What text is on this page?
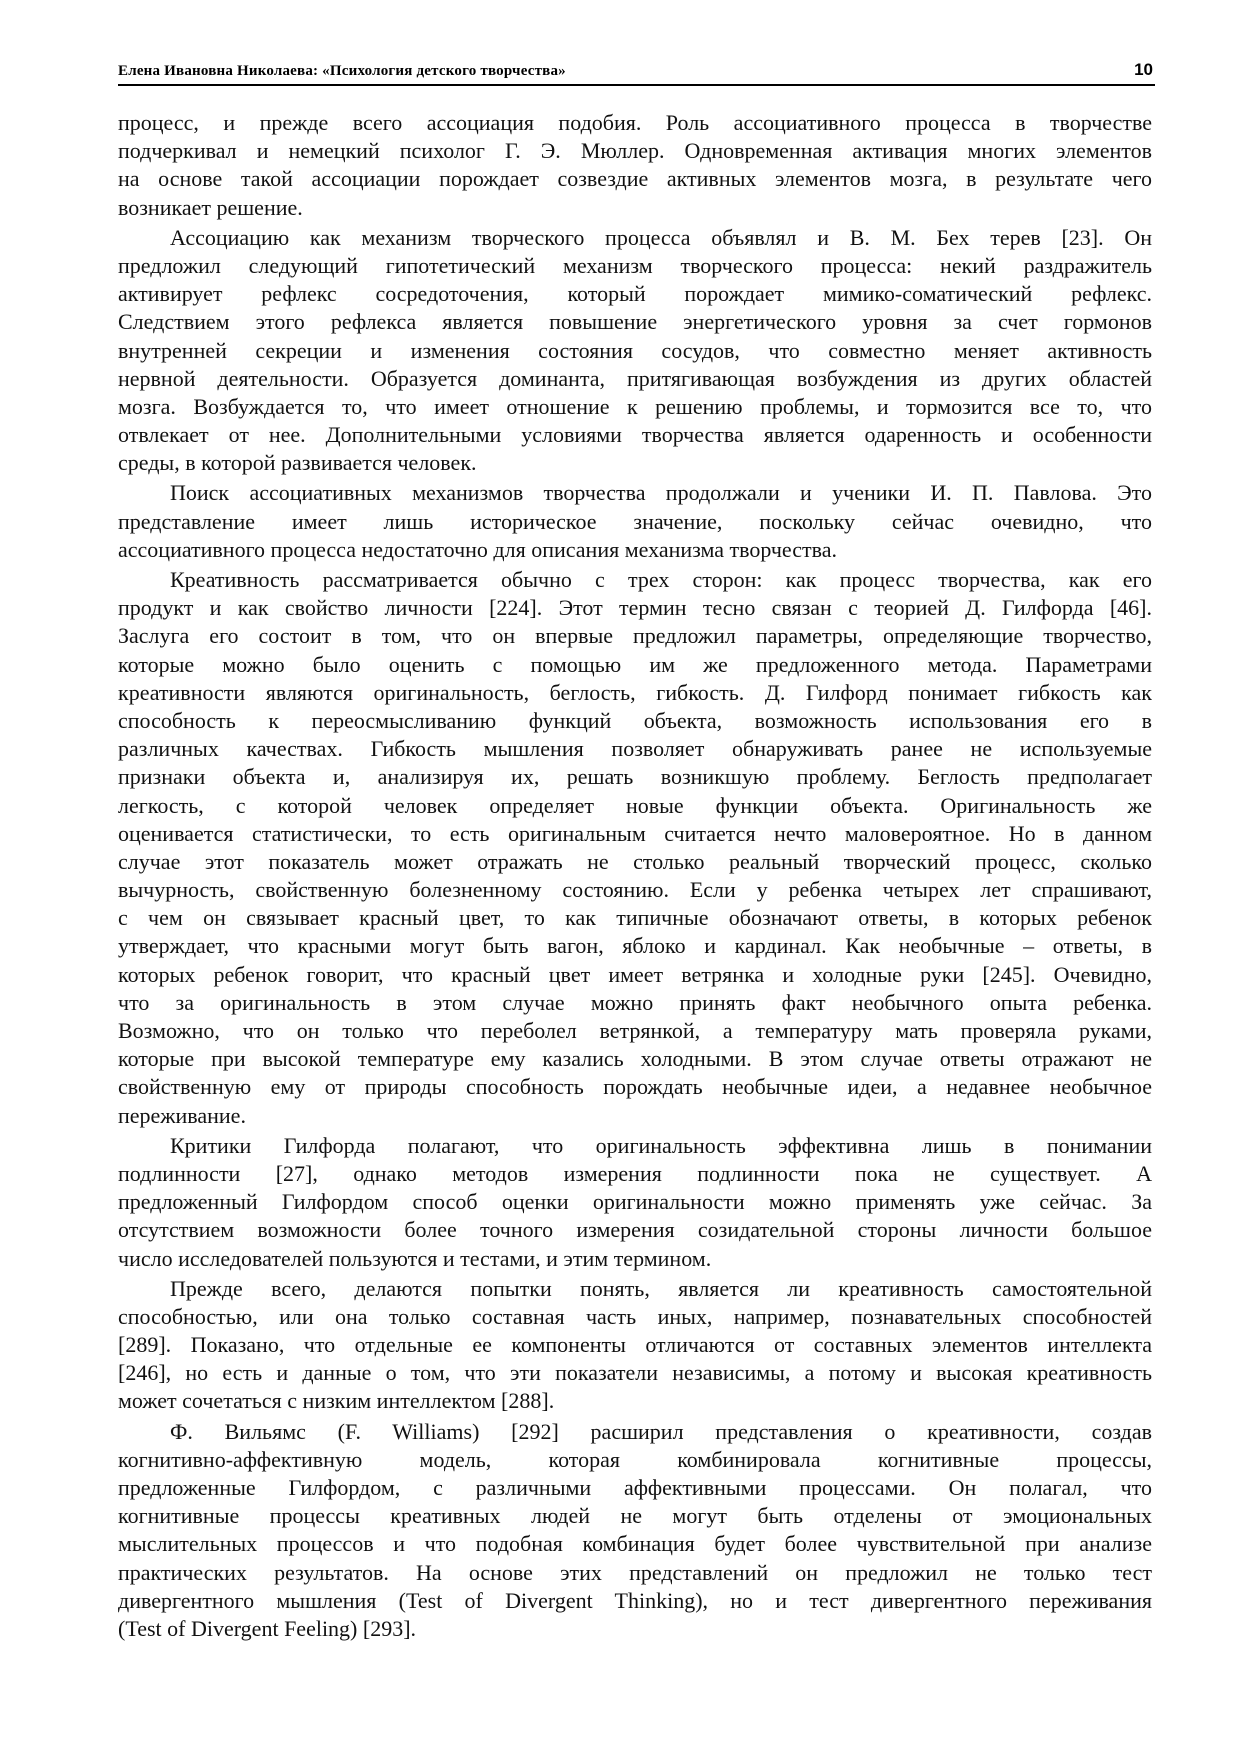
Елена Ивановна Николаева: «Психология детского творчества»	10
процесс, и прежде всего ассоциация подобия. Роль ассоциативного процесса в творчестве
подчеркивал и немецкий психолог Г. Э. Мюллер. Одновременная активация многих элементов
на основе такой ассоциации порождает созвездие активных элементов мозга, в результате чего
возникает решение.
Ассоциацию как механизм творческого процесса объявлял и В. М. Бех терев [23]. Он
предложил следующий гипотетический механизм творческого процесса: некий раздражитель
активирует рефлекс сосредоточения, который порождает мимико-соматический рефлекс.
Следствием этого рефлекса является повышение энергетического уровня за счет гормонов
внутренней секреции и изменения состояния сосудов, что совместно меняет активность
нервной деятельности. Образуется доминанта, притягивающая возбуждения из других областей
мозга. Возбуждается то, что имеет отношение к решению проблемы, и тормозится все то, что
отвлекает от нее. Дополнительными условиями творчества является одаренность и особенности
среды, в которой развивается человек.
Поиск ассоциативных механизмов творчества продолжали и ученики И. П. Павлова. Это
представление имеет лишь историческое значение, поскольку сейчас очевидно, что
ассоциативного процесса недостаточно для описания механизма творчества.
Креативность рассматривается обычно с трех сторон: как процесс творчества, как его
продукт и как свойство личности [224]. Этот термин тесно связан с теорией Д. Гилфорда [46].
Заслуга его состоит в том, что он впервые предложил параметры, определяющие творчество,
которые можно было оценить с помощью им же предложенного метода. Параметрами
креативности являются оригинальность, беглость, гибкость. Д. Гилфорд понимает гибкость как
способность к переосмысливанию функций объекта, возможность использования его в
различных качествах. Гибкость мышления позволяет обнаруживать ранее не используемые
признаки объекта и, анализируя их, решать возникшую проблему. Беглость предполагает
легкость, с которой человек определяет новые функции объекта. Оригинальность же
оценивается статистически, то есть оригинальным считается нечто маловероятное. Но в данном
случае этот показатель может отражать не столько реальный творческий процесс, сколько
вычурность, свойственную болезненному состоянию. Если у ребенка четырех лет спрашивают,
с чем он связывает красный цвет, то как типичные обозначают ответы, в которых ребенок
утверждает, что красными могут быть вагон, яблоко и кардинал. Как необычные – ответы, в
которых ребенок говорит, что красный цвет имеет ветрянка и холодные руки [245]. Очевидно,
что за оригинальность в этом случае можно принять факт необычного опыта ребенка.
Возможно, что он только что переболел ветрянкой, а температуру мать проверяла руками,
которые при высокой температуре ему казались холодными. В этом случае ответы отражают не
свойственную ему от природы способность порождать необычные идеи, а недавнее необычное
переживание.
Критики Гилфорда полагают, что оригинальность эффективна лишь в понимании
подлинности [27], однако методов измерения подлинности пока не существует. А
предложенный Гилфордом способ оценки оригинальности можно применять уже сейчас. За
отсутствием возможности более точного измерения созидательной стороны личности большое
число исследователей пользуются и тестами, и этим термином.
Прежде всего, делаются попытки понять, является ли креативность самостоятельной
способностью, или она только составная часть иных, например, познавательных способностей
[289]. Показано, что отдельные ее компоненты отличаются от составных элементов интеллекта
[246], но есть и данные о том, что эти показатели независимы, а потому и высокая креативность
может сочетаться с низким интеллектом [288].
Ф. Вильямс (F. Williams) [292] расширил представления о креативности, создав
когнитивно-аффективную модель, которая комбинировала когнитивные процессы,
предложенные Гилфордом, с различными аффективными процессами. Он полагал, что
когнитивные процессы креативных людей не могут быть отделены от эмоциональных
мыслительных процессов и что подобная комбинация будет более чувствительной при анализе
практических результатов. На основе этих представлений он предложил не только тест
дивергентного мышления (Test of Divergent Thinking), но и тест дивергентного переживания
(Test of Divergent Feeling) [293].
